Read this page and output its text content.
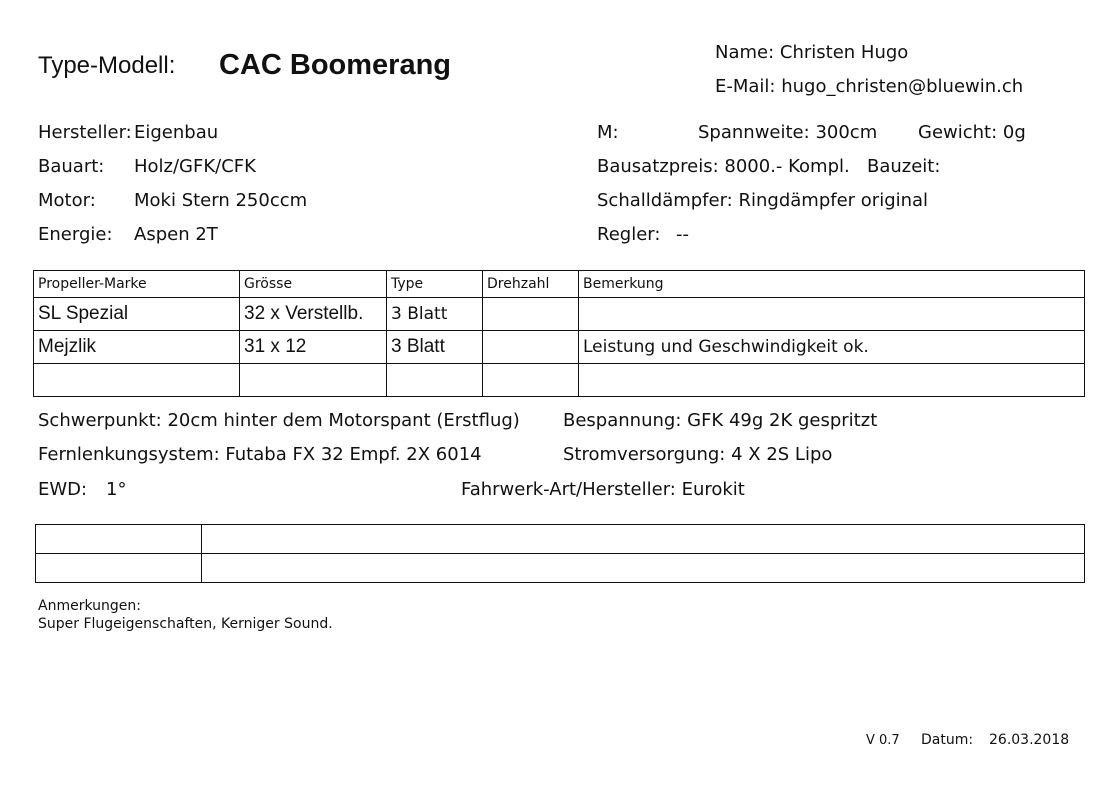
Type-Modell: CAC Boomerang	Name: Christen Hugo
E-Mail: hugo_christen@bluewin.ch
Hersteller: Eigenbau
Bauart: Holz/GFK/CFK
Motor: Moki Stern 250ccm
Energie: Aspen 2T
M:	Spannweite: 300cm Gewicht: 0g
Bausatzpreis: 8000.- Kompl. Bauzeit:
Schalldämpfer: Ringdämpfer original
Regler: --
Propeller-Marke	Grösse	Type	Drehzahl	Bemerkung
SL Spezial	32 x Verstellb.	3 Blatt		
Mejzlik	31 x 12	3 Blatt		Leistung und Geschwindigkeit ok.

Schwerpunkt: 20cm hinter dem Motorspant (Erstflug) Bespannung: GFK 49g 2K gespritzt
Fernlenkungsystem: Futaba FX 32 Empf. 2X 6014	Stromversorgung: 4 X 2S Lipo
EWD: 1°	Fahrwerk-Art/Hersteller: Eurokit

Anmerkungen:
Super Flugeigenschaften, Kerniger Sound.
V 0.7 Datum: 26.03.2018
